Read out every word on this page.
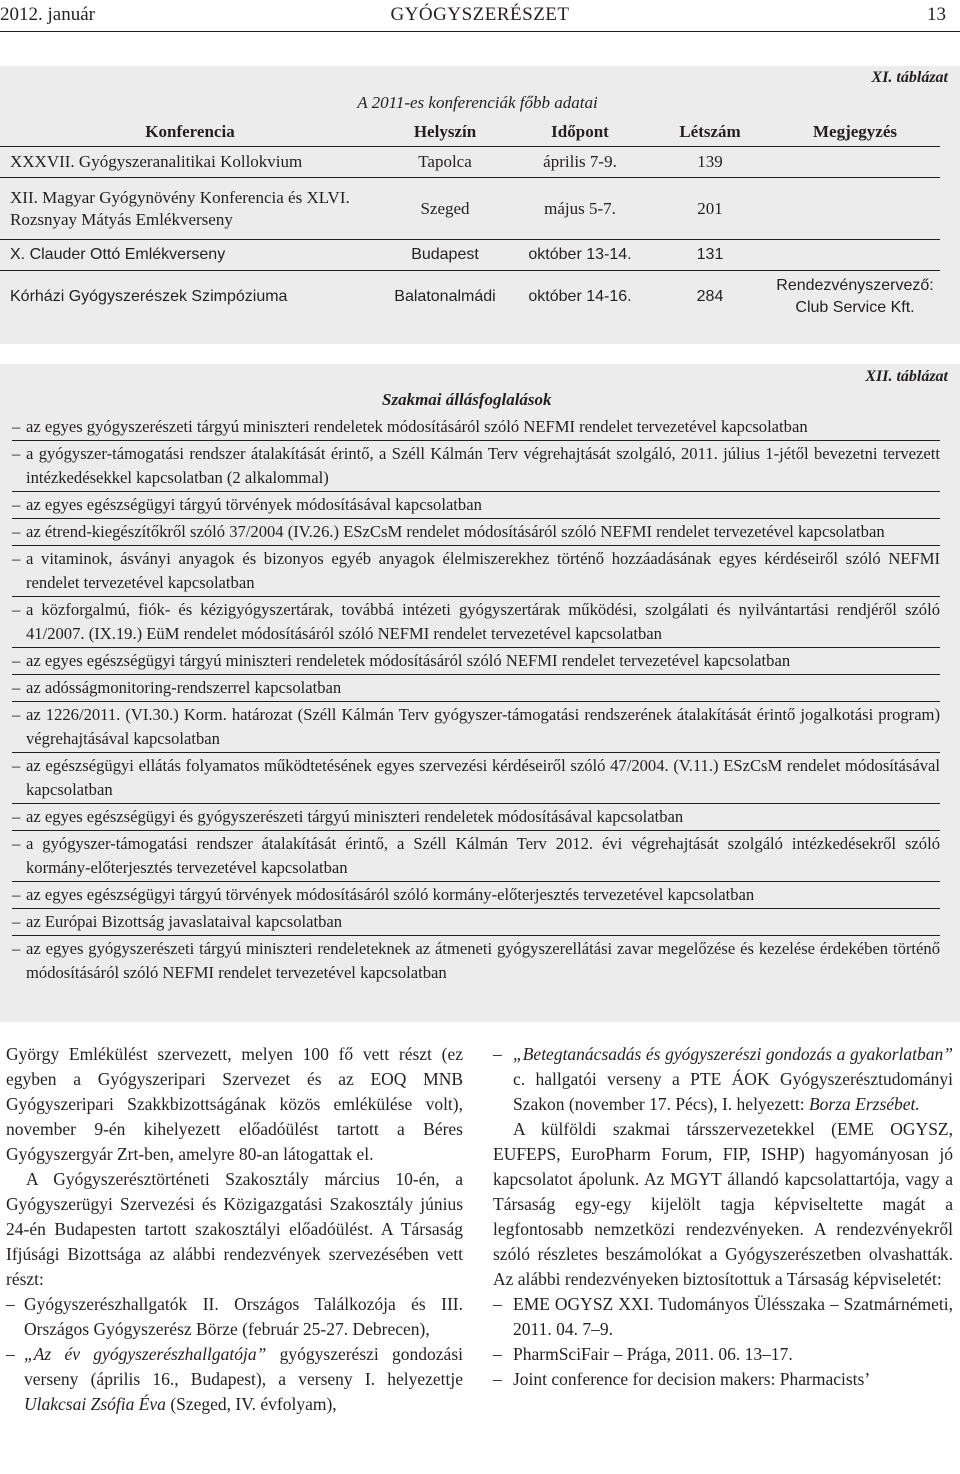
2012. január	GYÓGYSZERÉSZET	13
XI. táblázat
A 2011-es konferenciák főbb adatai
Konferencia	Helyszín	Időpont	Létszám	Megjegyzés
XXXVII. Gyógyszeranalitikai Kollokvium	Tapolca	április 7-9.	139	
XII. Magyar Gyógynövény Konferencia és XLVI. Rozsnyay Mátyás Emlékverseny	Szeged	május 5-7.	201	
X. Clauder Ottó Emlékverseny	Budapest	október 13-14.	131	
Kórházi Gyógyszerészek Szimpóziuma	Balatonalmádi	október 14-16.	284	Rendezvényszervező: Club Service Kft.
XII. táblázat
Szakmai állásfoglalások
– az egyes gyógyszerészeti tárgyú miniszteri rendeletek módosításáról szóló NEFMI rendelet tervezetével kapcsolatban
– a gyógyszer-támogatási rendszer átalakítását érintő, a Széll Kálmán Terv végrehajtását szolgáló, 2011. július 1-jétől bevezetni tervezett intézkedésekkel kapcsolatban (2 alkalommal)
– az egyes egészségügyi tárgyú törvények módosításával kapcsolatban
– az étrend-kiegészítőkről szóló 37/2004 (IV.26.) ESzCsM rendelet módosításáról szóló NEFMI rendelet tervezetével kapcsolatban
– a vitaminok, ásványi anyagok és bizonyos egyéb anyagok élelmiszerekhez történő hozzáadásának egyes kérdéseiről szóló NEFMI rendelet tervezetével kapcsolatban
– a közforgalmú, fiók- és kézigyógyszertárak, továbbá intézeti gyógyszertárak működési, szolgálati és nyilvántartási rendjéről szóló 41/2007. (IX.19.) EüM rendelet módosításáról szóló NEFMI rendelet tervezetével kapcsolatban
– az egyes egészségügyi tárgyú miniszteri rendeletek módosításáról szóló NEFMI rendelet tervezetével kapcsolatban
– az adósságmonitoring-rendszerrel kapcsolatban
– az 1226/2011. (VI.30.) Korm. határozat (Széll Kálmán Terv gyógyszer-támogatási rendszerének átalakítását érintő jogalkotási program) végrehajtásával kapcsolatban
– az egészségügyi ellátás folyamatos működtetésének egyes szervezési kérdéseiről szóló 47/2004. (V.11.) ESzCsM rendelet módosításával kapcsolatban
– az egyes egészségügyi és gyógyszerészeti tárgyú miniszteri rendeletek módosításával kapcsolatban
– a gyógyszer-támogatási rendszer átalakítását érintő, a Széll Kálmán Terv 2012. évi végrehajtását szolgáló intézkedésekről szóló kormány-előterjesztés tervezetével kapcsolatban
– az egyes egészségügyi tárgyú törvények módosításáról szóló kormány-előterjesztés tervezetével kapcsolatban
– az Európai Bizottság javaslataival kapcsolatban
– az egyes gyógyszerészeti tárgyú miniszteri rendeleteknek az átmeneti gyógyszerellátási zavar megelőzése és kezelése érdekében történő módosításáról szóló NEFMI rendelet tervezetével kapcsolatban

György Emlékülést szervezett, melyen 100 fő vett részt (ez egyben a Gyógyszeripari Szervezet és az EOQ MNB Gyógyszeripari Szakkbizottságának közös emlékülése volt), november 9-én kihelyezett előadóülést tartott a Béres Gyógyszergyár Zrt-ben, amelyre 80-an látogattak el.

A Gyógyszerésztörténeti Szakosztály március 10-én, a Gyógyszerügyi Szervezési és Közigazgatási Szakosztály június 24-én Budapesten tartott szakosztályi előadóülést. A Társaság Ifjúsági Bizottsága az alábbi rendezvények szervezésében vett részt:

– Gyógyszerészhallgatók II. Országos Találkozója és III. Országos Gyógyszerész Börze (február 25-27. Debrecen),
– „Az év gyógyszerészhallgatója” gyógyszerészi gondozási verseny (április 16., Budapest), a verseny I. helyezettje Ulakcsai Zsófia Éva (Szeged, IV. évfolyam),
– „Betegtanácsadás és gyógyszerészi gondozás a gyakorlatban” c. hallgatói verseny a PTE ÁOK Gyógyszerésztudományi Szakon (november 17. Pécs), I. helyezett: Borza Erzsébet.

A külföldi szakmai társszervezetekkel (EME OGYSZ, EUFEPS, EuroPharm Forum, FIP, ISHP) hagyományosan jó kapcsolatot ápolunk. Az MGYT állandó kapcsolattartója, vagy a Társaság egy-egy kijelölt tagja képviseltette magát a legfontosabb nemzetközi rendezvényeken. A rendezvényekről szóló részletes beszámolókat a Gyógyszerészetben olvashatták. Az alábbi rendezvényeken biztosítottuk a Társaság képviseletét:

– EME OGYSZ XXI. Tudományos Ülésszaka – Szatmárnémeti, 2011. 04. 7–9.
– PharmSciFair – Prága, 2011. 06. 13–17.
– Joint conference for decision makers: Pharmacists’
